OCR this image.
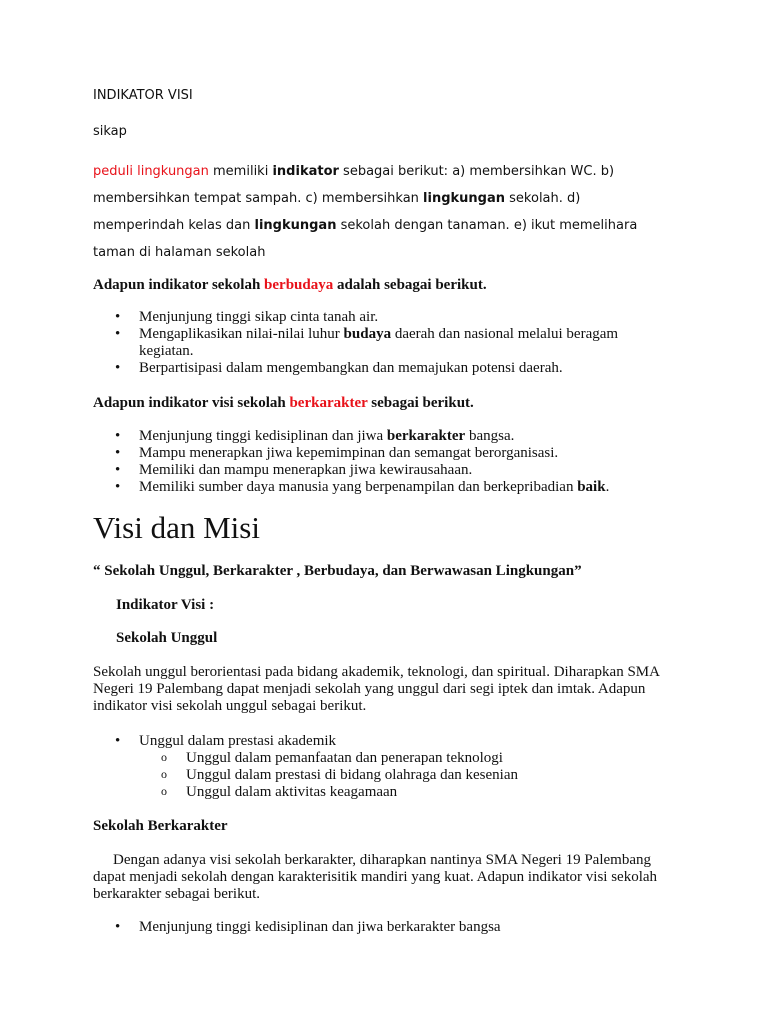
INDIKATOR VISI

sikap

peduli lingkungan memiliki indikator sebagai berikut: a) membersihkan WC. b) membersihkan tempat sampah. c) membersihkan lingkungan sekolah. d) memperindah kelas dan lingkungan sekolah dengan tanaman. e) ikut memelihara taman di halaman sekolah

Adapun indikator sekolah berbudaya adalah sebagai berikut.

• Menjunjung tinggi sikap cinta tanah air.
• Mengaplikasikan nilai-nilai luhur budaya daerah dan nasional melalui beragam kegiatan.
• Berpartisipasi dalam mengembangkan dan memajukan potensi daerah.

Adapun indikator visi sekolah berkarakter sebagai berikut.

• Menjunjung tinggi kedisiplinan dan jiwa berkarakter bangsa.
• Mampu menerapkan jiwa kepemimpinan dan semangat berorganisasi.
• Memiliki dan mampu menerapkan jiwa kewirausahaan.
• Memiliki sumber daya manusia yang berpenampilan dan berkepribadian baik.
Visi dan Misi

“ Sekolah Unggul, Berkarakter , Berbudaya, dan Berwawasan Lingkungan”

Indikator Visi :

Sekolah Unggul

Sekolah unggul berorientasi pada bidang akademik, teknologi, dan spiritual. Diharapkan SMA Negeri 19 Palembang dapat menjadi sekolah yang unggul dari segi iptek dan imtak. Adapun indikator visi sekolah unggul sebagai berikut.

• Unggul dalam prestasi akademik
o Unggul dalam pemanfaatan dan penerapan teknologi
o Unggul dalam prestasi di bidang olahraga dan kesenian
o Unggul dalam aktivitas keagamaan

Sekolah Berkarakter

Dengan adanya visi sekolah berkarakter, diharapkan nantinya SMA Negeri 19 Palembang dapat menjadi sekolah dengan karakterisitik mandiri yang kuat. Adapun indikator visi sekolah berkarakter sebagai berikut.

• Menjunjung tinggi kedisiplinan dan jiwa berkarakter bangsa
